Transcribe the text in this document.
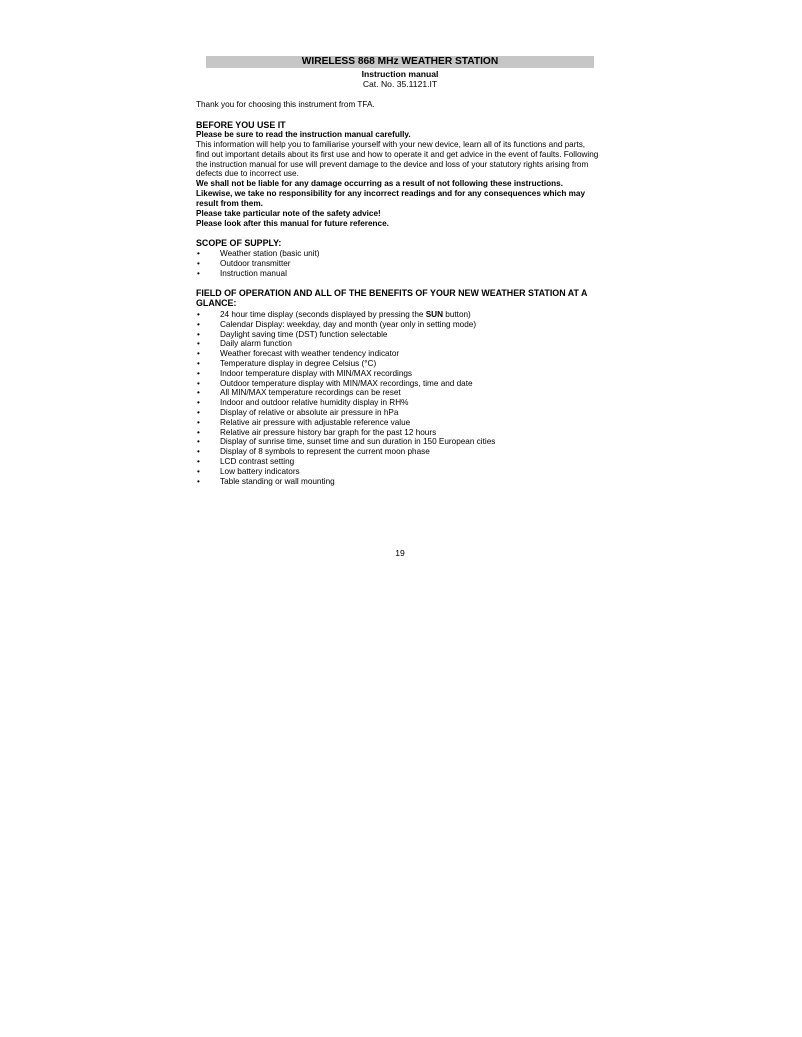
WIRELESS 868 MHz WEATHER STATION
Instruction manual
Cat. No. 35.1121.IT
Thank you for choosing this instrument from TFA.
BEFORE YOU USE IT
Please be sure to read the instruction manual carefully.
This information will help you to familiarise yourself with your new device, learn all of its functions and parts, find out important details about its first use and how to operate it and get advice in the event of faults. Following the instruction manual for use will prevent damage to the device and loss of your statutory rights arising from defects due to incorrect use.
We shall not be liable for any damage occurring as a result of not following these instructions. Likewise, we take no responsibility for any incorrect readings and for any consequences which may result from them.
Please take particular note of the safety advice!
Please look after this manual for future reference.
SCOPE OF SUPPLY:
• Weather station (basic unit)
• Outdoor transmitter
• Instruction manual
FIELD OF OPERATION AND ALL OF THE BENEFITS OF YOUR NEW WEATHER STATION AT A GLANCE:
• 24 hour time display (seconds displayed by pressing the SUN button)
• Calendar Display: weekday, day and month (year only in setting mode)
• Daylight saving time (DST) function selectable
• Daily alarm function
• Weather forecast with weather tendency indicator
• Temperature display in degree Celsius (°C)
• Indoor temperature display with MIN/MAX recordings
• Outdoor temperature display with MIN/MAX recordings, time and date
• All MIN/MAX temperature recordings can be reset
• Indoor and outdoor relative humidity display in RH%
• Display of relative or absolute air pressure in hPa
• Relative air pressure with adjustable reference value
• Relative air pressure history bar graph for the past 12 hours
• Display of sunrise time, sunset time and sun duration in 150 European cities
• Display of 8 symbols to represent the current moon phase
• LCD contrast setting
• Low battery indicators
• Table standing or wall mounting
19
